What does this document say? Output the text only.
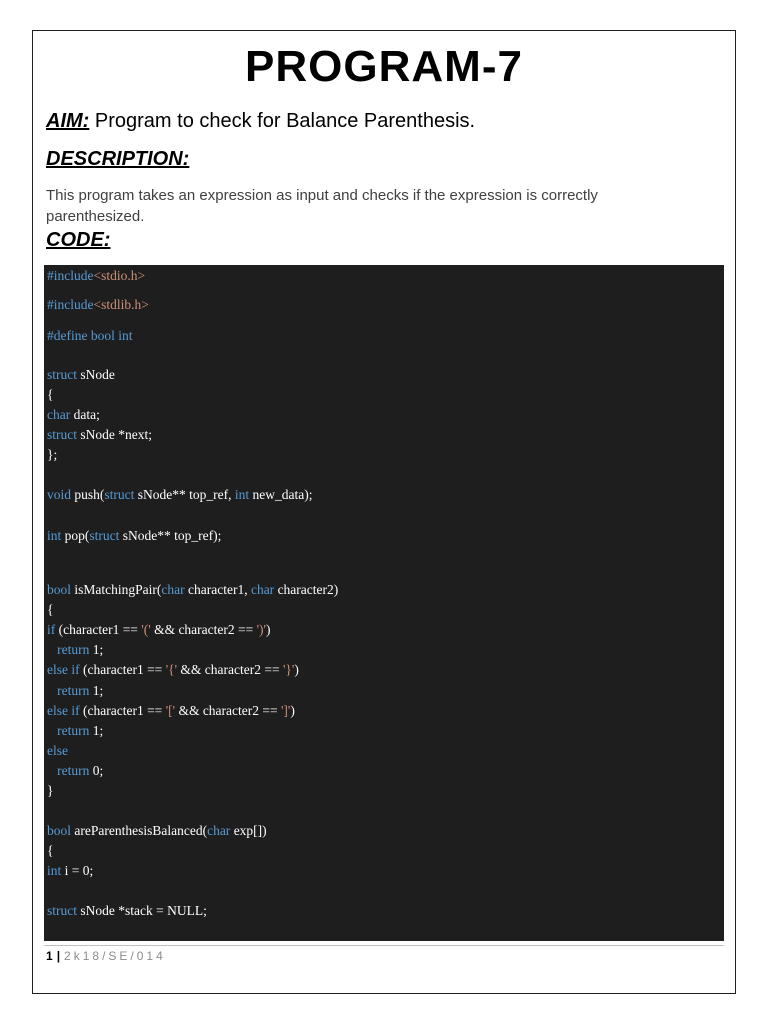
PROGRAM-7
AIM: Program to check for Balance Parenthesis.
DESCRIPTION:
This program takes an expression as input and checks if the expression is correctly parenthesized.
CODE:
#include<stdio.h>
#include<stdlib.h>
#define bool int
struct sNode
{
char data;
struct sNode *next;
};
void push(struct sNode** top_ref, int new_data);
int pop(struct sNode** top_ref);
bool isMatchingPair(char character1, char character2)
{
if (character1 == '(' && character2 == ')')
return 1;
else if (character1 == '{' && character2 == '}')
return 1;
else if (character1 == '[' && character2 == ']')
return 1;
else
return 0;
}
bool areParenthesisBalanced(char exp[])
{
int i = 0;
struct sNode *stack = NULL;
1 | 2k18/SE/014
